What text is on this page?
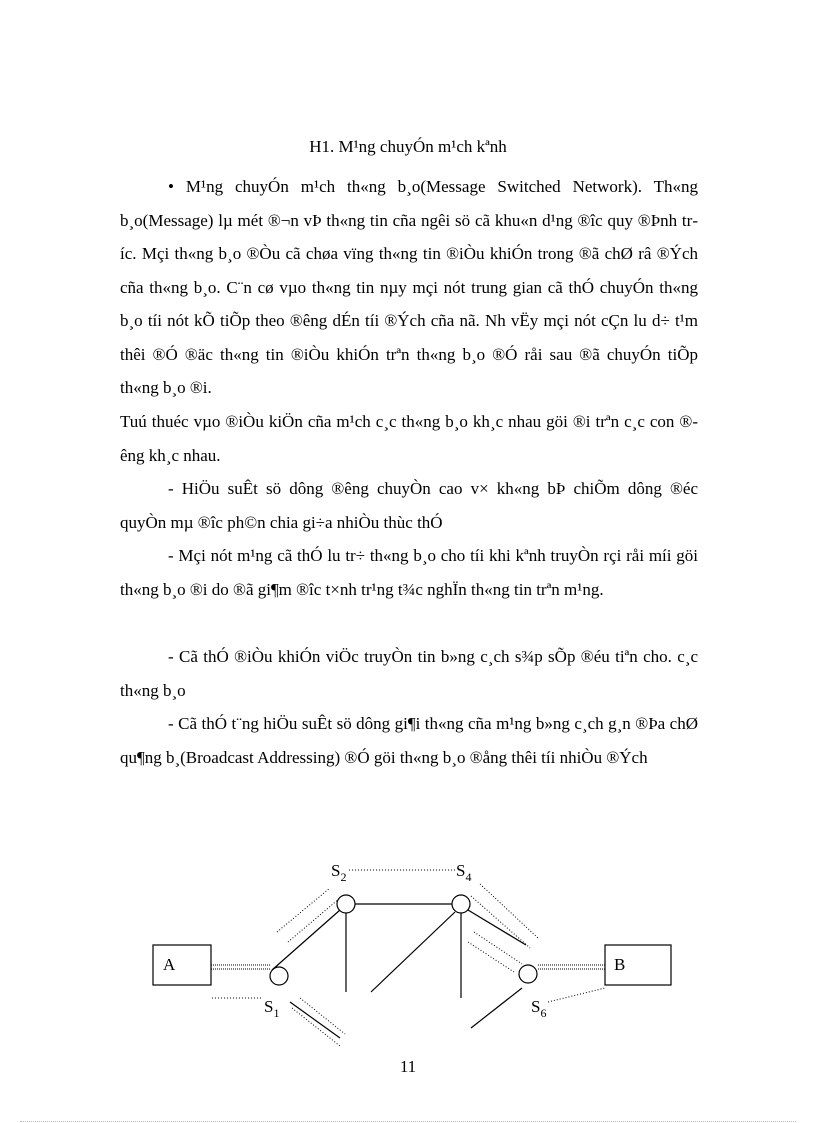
H1. M¹ng chuyÓn m¹ch kªnh
• M¹ng chuyÓn m¹ch th«ng b¸o(Message Switched Network). Th«ng b¸o(Message) lµ mét ®¬n vÞ th«ng tin cña ngêi sö cã khu«n d¹ng ®îc quy ®Þnh tríc. Mçi th«ng b¸o ®Òu cã chøa vïng th«ng tin ®iÒu khiÓn trong ®ã chØ râ ®Ých cña th«ng b¸o. C¨n cø vµo th«ng tin nµy mçi nót trung gian cã thÓ chuyÓn th«ng b¸o tíi nót kÕ tiÕp theo ®êng dÉn tíi ®Ých cña nã. Nh vËy mçi nót cÇn lu d÷ t¹m thêi ®Ó ®äc th«ng tin ®iÒu khiÓn trªn th«ng b¸o ®Ó råi sau ®ã chuyÓn tiÕp th«ng b¸o ®i.
Tuú thuéc vµo ®iÒu kiÖn cña m¹ch c¸c th«ng b¸o kh¸c nhau göi ®i trªn c¸c con ®êng kh¸c nhau.
- HiÖu suÊt sö dông ®êng chuyÒn cao v× kh«ng bÞ chiÕm dông ®éc quyÒn mµ ®îc ph©n chia gi÷a nhiÒu thùc thÓ
- Mçi nót m¹ng cã thÓ lu tr÷ th«ng b¸o cho tíi khi kªnh truyÒn rçi råi míi göi th«ng b¸o ®i do ®ã gi¶m ®îc t×nh tr¹ng t¾c nghÏn th«ng tin trªn m¹ng.
- Cã thÓ ®iÒu khiÓn viÖc truyÒn tin b»ng c¸ch s¾p sÕp ®éu tiªn cho. c¸c th«ng b¸o
- Cã thÓ t¨ng hiÖu suÊt sö dông gi¶i th«ng cña m¹ng b»ng c¸ch g¸n ®Þa chØ qu¶ng b¸(Broadcast Addressing) ®Ó göi th«ng b¸o ®ång thêi tíi nhiÒu ®Ých
A	B
$S_2$	$S_4$
$S_1$	$S_6$
11
